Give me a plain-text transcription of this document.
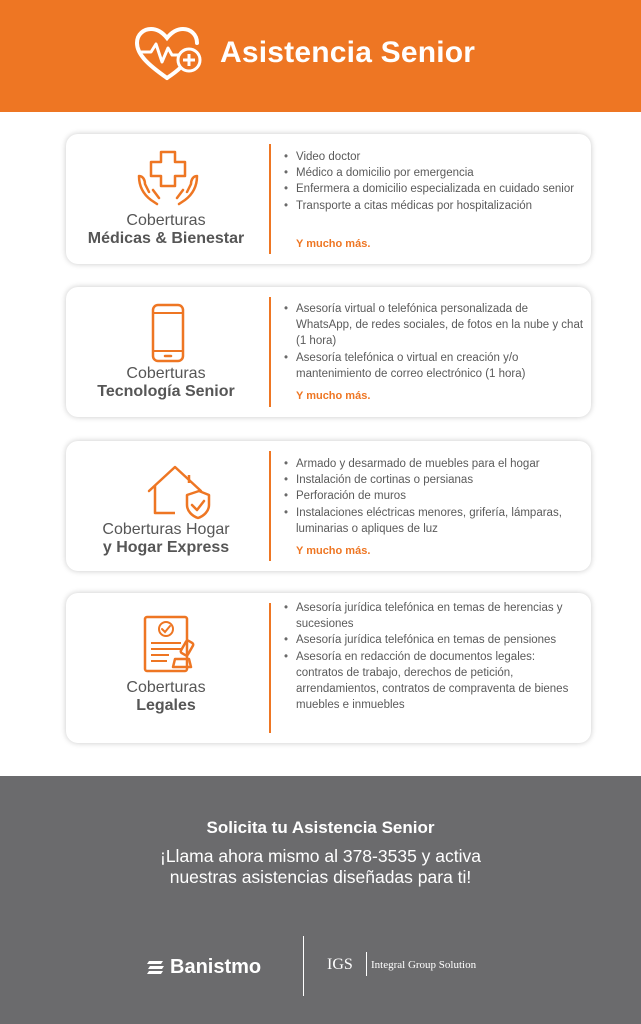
Asistencia Senior
Coberturas
Médicas & Bienestar
• Video doctor
• Médico a domicilio por emergencia
• Enfermera a domicilio especializada en cuidado senior
• Transporte a citas médicas por hospitalización
Y mucho más.
Coberturas
Tecnología Senior
• Asesoría virtual o telefónica personalizada de WhatsApp, de redes sociales, de fotos en la nube y chat (1 hora)
• Asesoría telefónica o virtual en creación y/o mantenimiento de correo electrónico (1 hora)
Y mucho más.
Coberturas Hogar
y Hogar Express
• Armado y desarmado de muebles para el hogar
• Instalación de cortinas o persianas
• Perforación de muros
• Instalaciones eléctricas menores, grifería, lámparas, luminarias o apliques de luz
Y mucho más.
Coberturas
Legales
• Asesoría jurídica telefónica en temas de herencias y sucesiones
• Asesoría jurídica telefónica en temas de pensiones
• Asesoría en redacción de documentos legales: contratos de trabajo, derechos de petición, arrendamientos, contratos de compraventa de bienes muebles e inmuebles
Solicita tu Asistencia Senior
¡Llama ahora mismo al 378-3535 y activa
nuestras asistencias diseñadas para ti!
Banistmo	IGS Integral Group Solution
